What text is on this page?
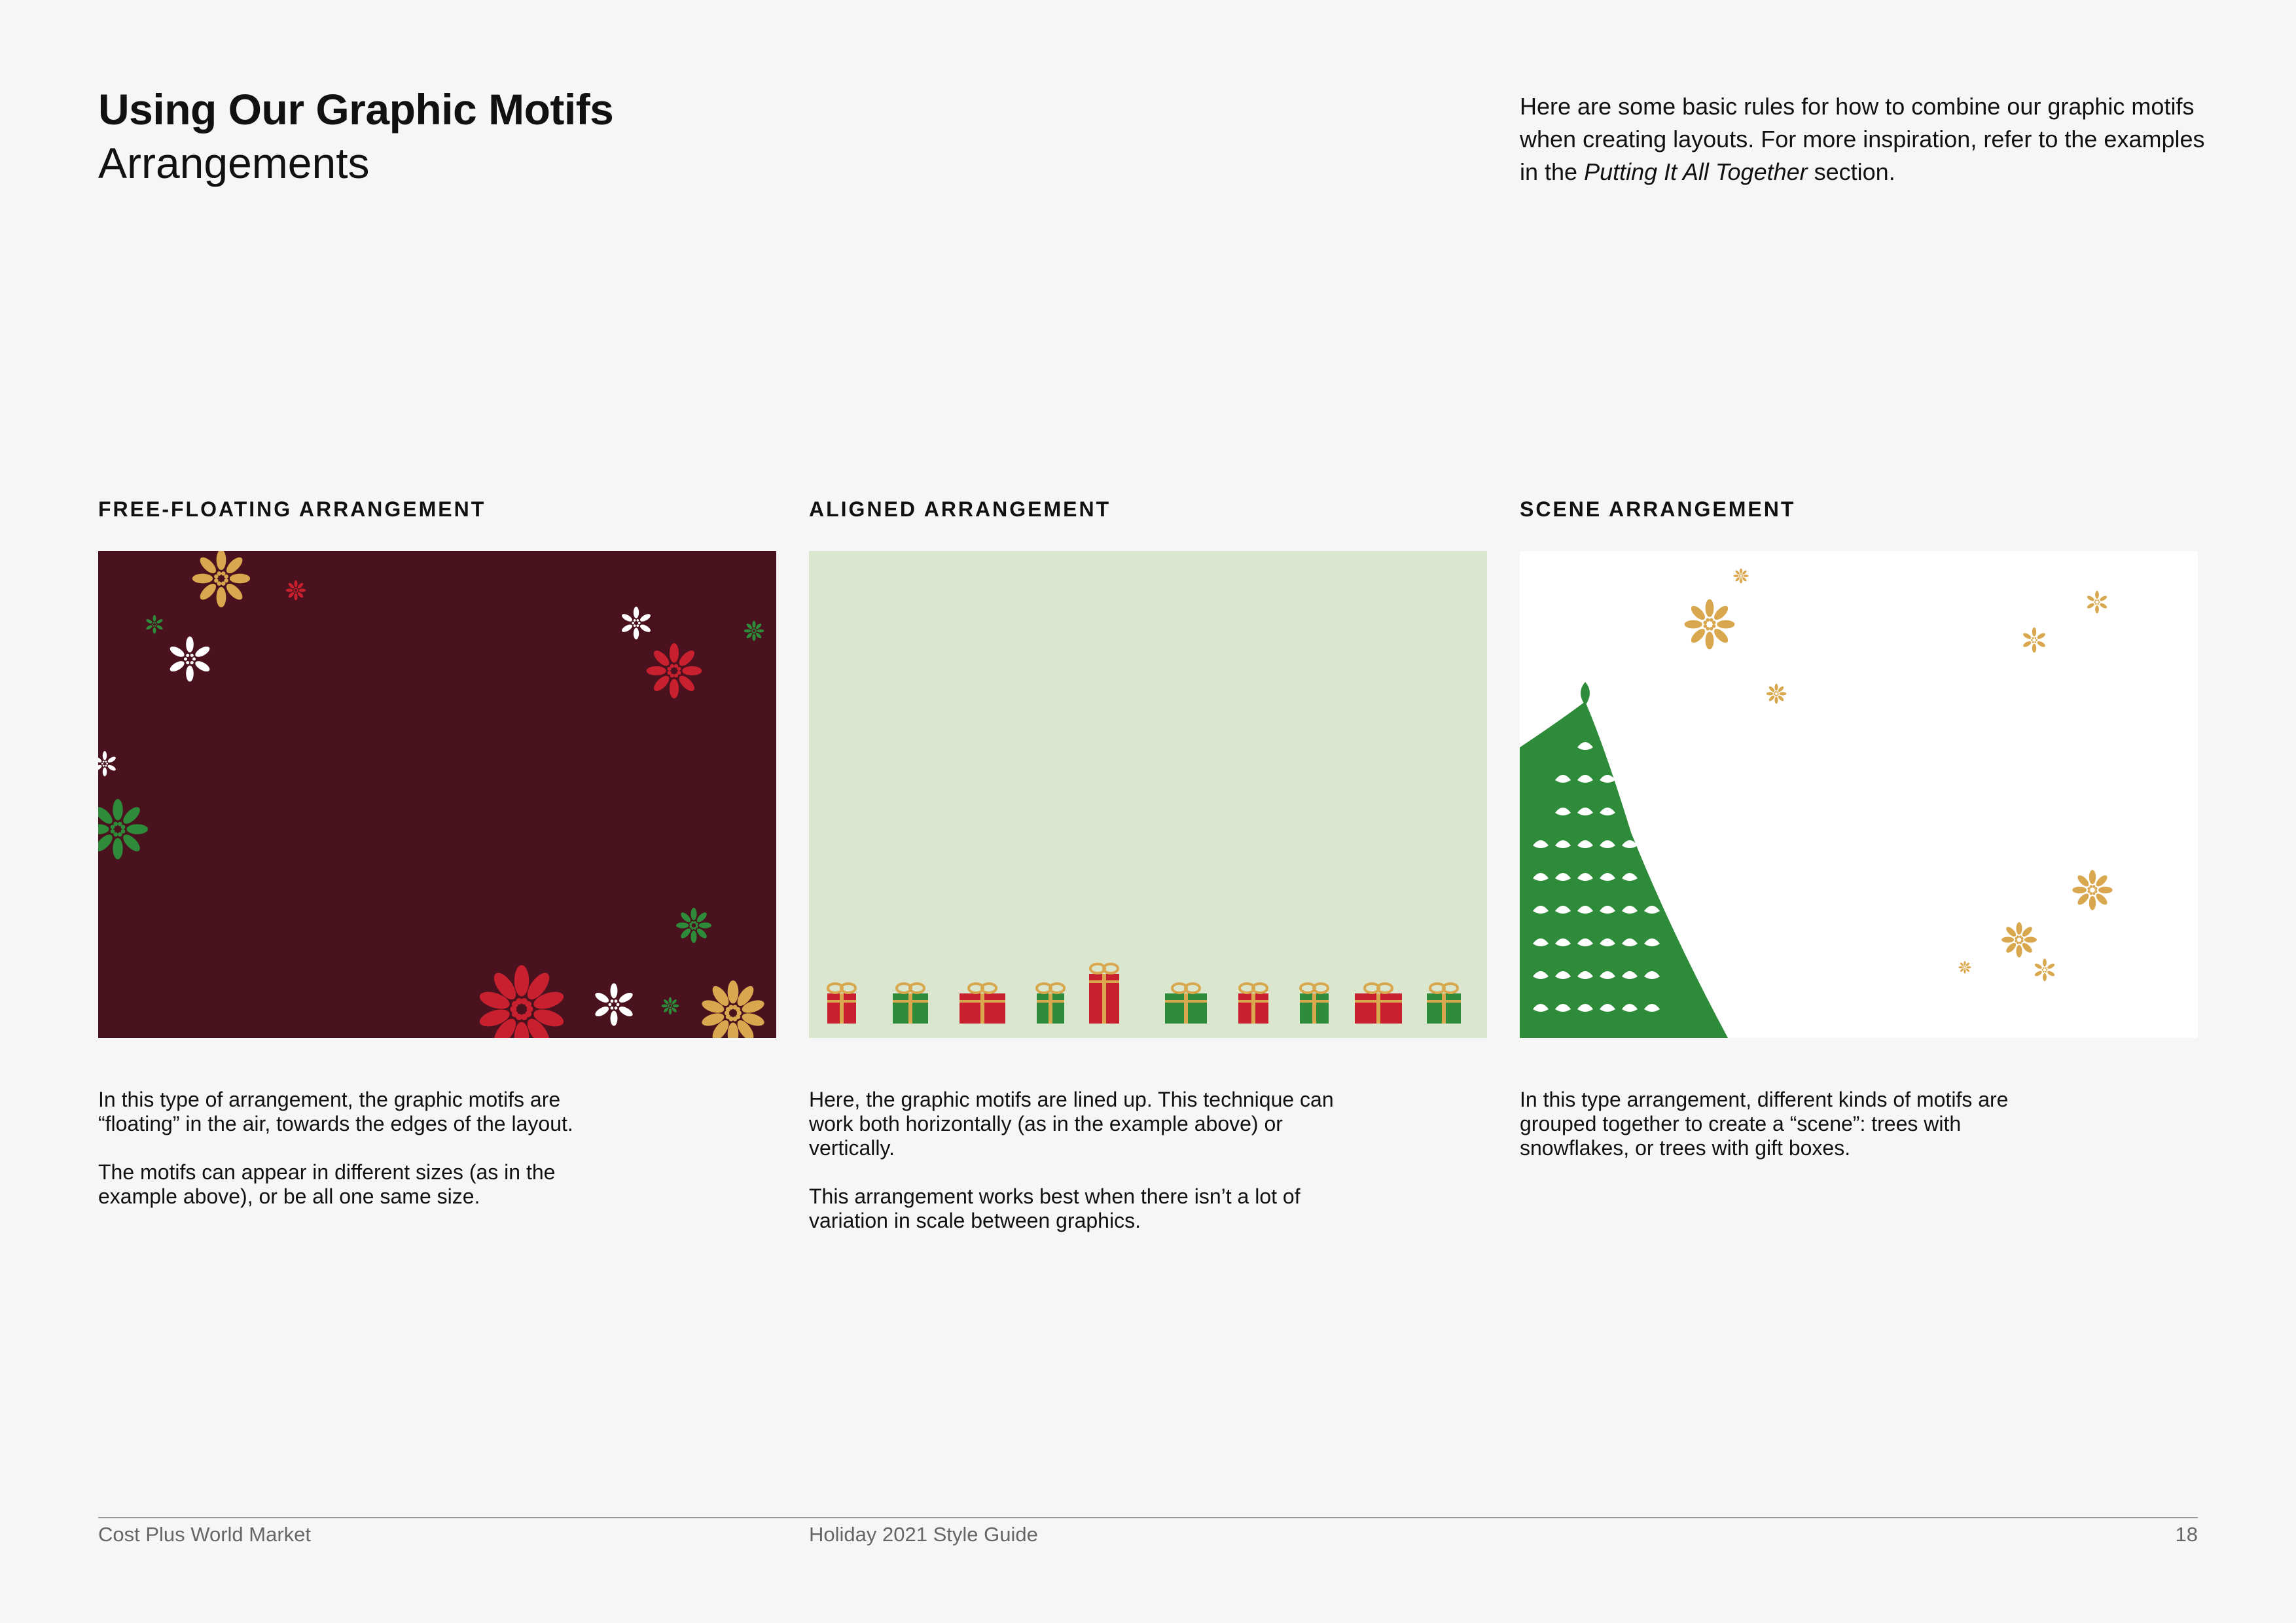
Using Our Graphic Motifs
Arrangements

Here are some basic rules for how to combine our graphic motifs when creating layouts. For more inspiration, refer to the examples in the Putting It All Together section.

FREE-FLOATING ARRANGEMENT	ALIGNED ARRANGEMENT	SCENE ARRANGEMENT

In this type of arrangement, the graphic motifs are “floating” in the air, towards the edges of the layout.

The motifs can appear in different sizes (as in the example above), or be all one same size.

Here, the graphic motifs are lined up. This technique can work both horizontally (as in the example above) or vertically.

This arrangement works best when there isn’t a lot of variation in scale between graphics.

In this type arrangement, different kinds of motifs are grouped together to create a “scene”: trees with snowflakes, or trees with gift boxes.

Cost Plus World Market	Holiday 2021 Style Guide	18
